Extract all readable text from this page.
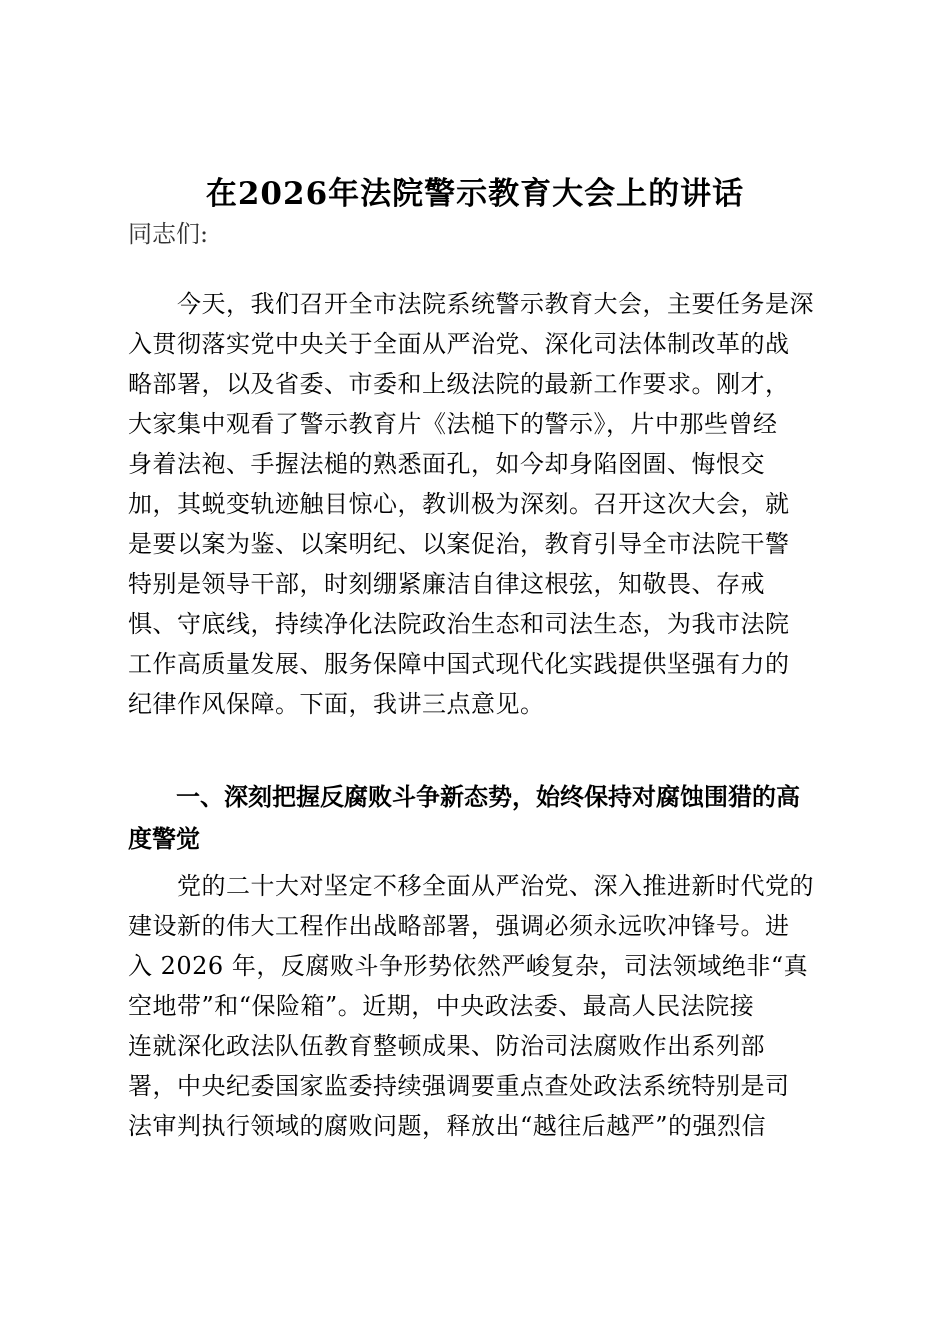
在2026年法院警示教育大会上的讲话

同志们:

　　今天，我们召开全市法院系统警示教育大会，主要任务是深
入贯彻落实党中央关于全面从严治党、深化司法体制改革的战
略部署，以及省委、市委和上级法院的最新工作要求。刚才，
大家集中观看了警示教育片《法槌下的警示》，片中那些曾经
身着法袍、手握法槌的熟悉面孔，如今却身陷囹圄、悔恨交
加，其蜕变轨迹触目惊心，教训极为深刻。召开这次大会，就
是要以案为鉴、以案明纪、以案促治，教育引导全市法院干警
特别是领导干部，时刻绷紧廉洁自律这根弦，知敬畏、存戒
惧、守底线，持续净化法院政治生态和司法生态，为我市法院
工作高质量发展、服务保障中国式现代化实践提供坚强有力的
纪律作风保障。下面，我讲三点意见。
　　一、深刻把握反腐败斗争新态势，始终保持对腐蚀围猎的高
度警觉
　　党的二十大对坚定不移全面从严治党、深入推进新时代党的
建设新的伟大工程作出战略部署，强调必须永远吹冲锋号。进
入 2026 年，反腐败斗争形势依然严峻复杂，司法领域绝非“真
空地带”和“保险箱”。近期，中央政法委、最高人民法院接
连就深化政法队伍教育整顿成果、防治司法腐败作出系列部
署，中央纪委国家监委持续强调要重点查处政法系统特别是司
法审判执行领域的腐败问题，释放出“越往后越严”的强烈信
